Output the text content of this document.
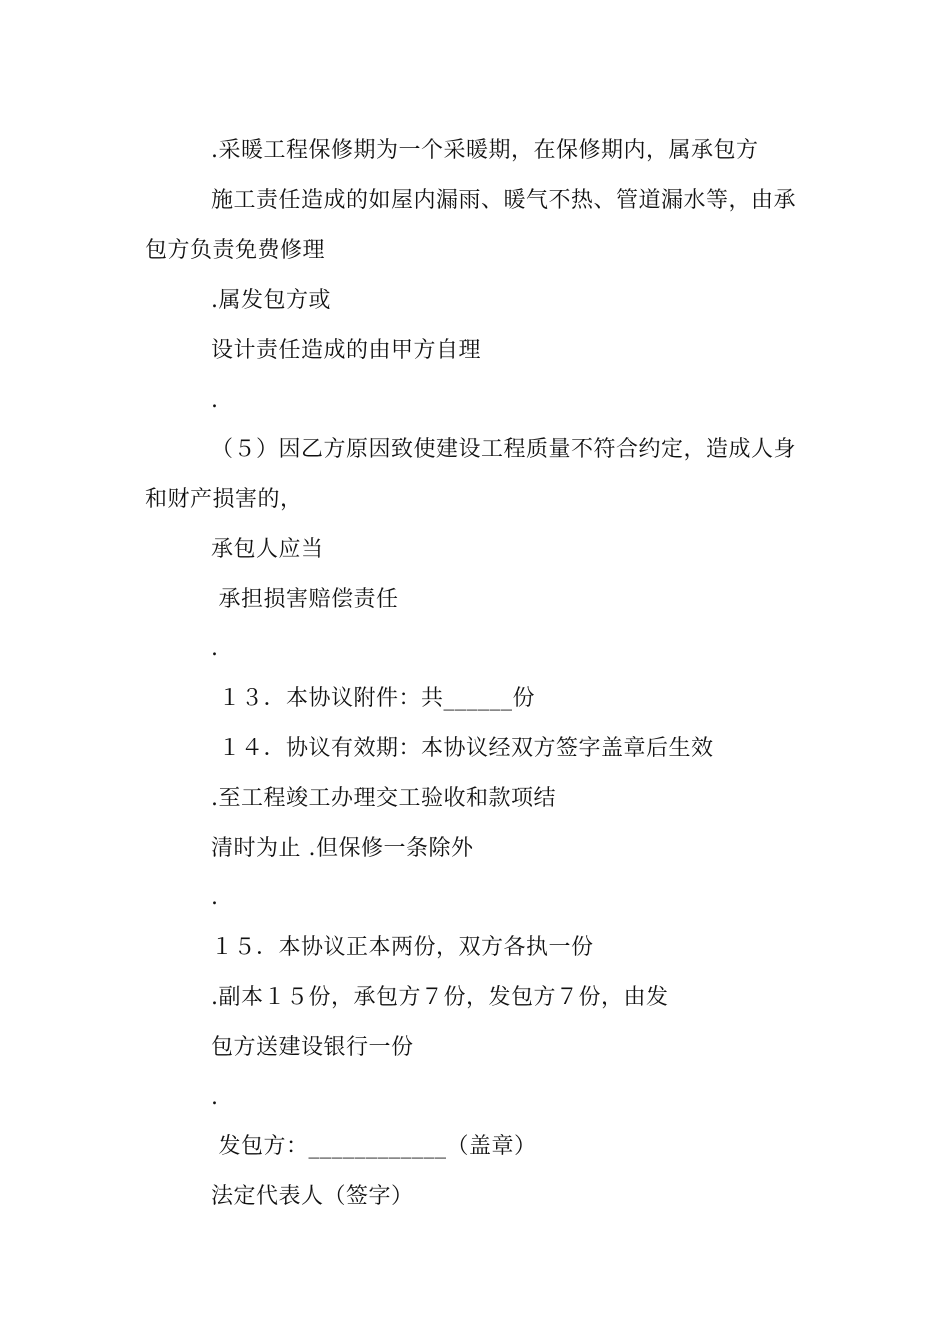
.采暖工程保修期为一个采暖期，在保修期内，属承包方
施工责任造成的如屋内漏雨、暖气不热、管道漏水等，由承
包方负责免费修理
.属发包方或
设计责任造成的由甲方自理
.
（５）因乙方原因致使建设工程质量不符合约定，造成人身
和财产损害的，
承包人应当
承担损害赔偿责任
.
１３．本协议附件：共______份
１４．协议有效期：本协议经双方签字盖章后生效
.至工程竣工办理交工验收和款项结
清时为止 .但保修一条除外
.
１５．本协议正本两份，双方各执一份
.副本１５份，承包方７份，发包方７份，由发
包方送建设银行一份
.
发包方：____________（盖章）
法定代表人（签字）
